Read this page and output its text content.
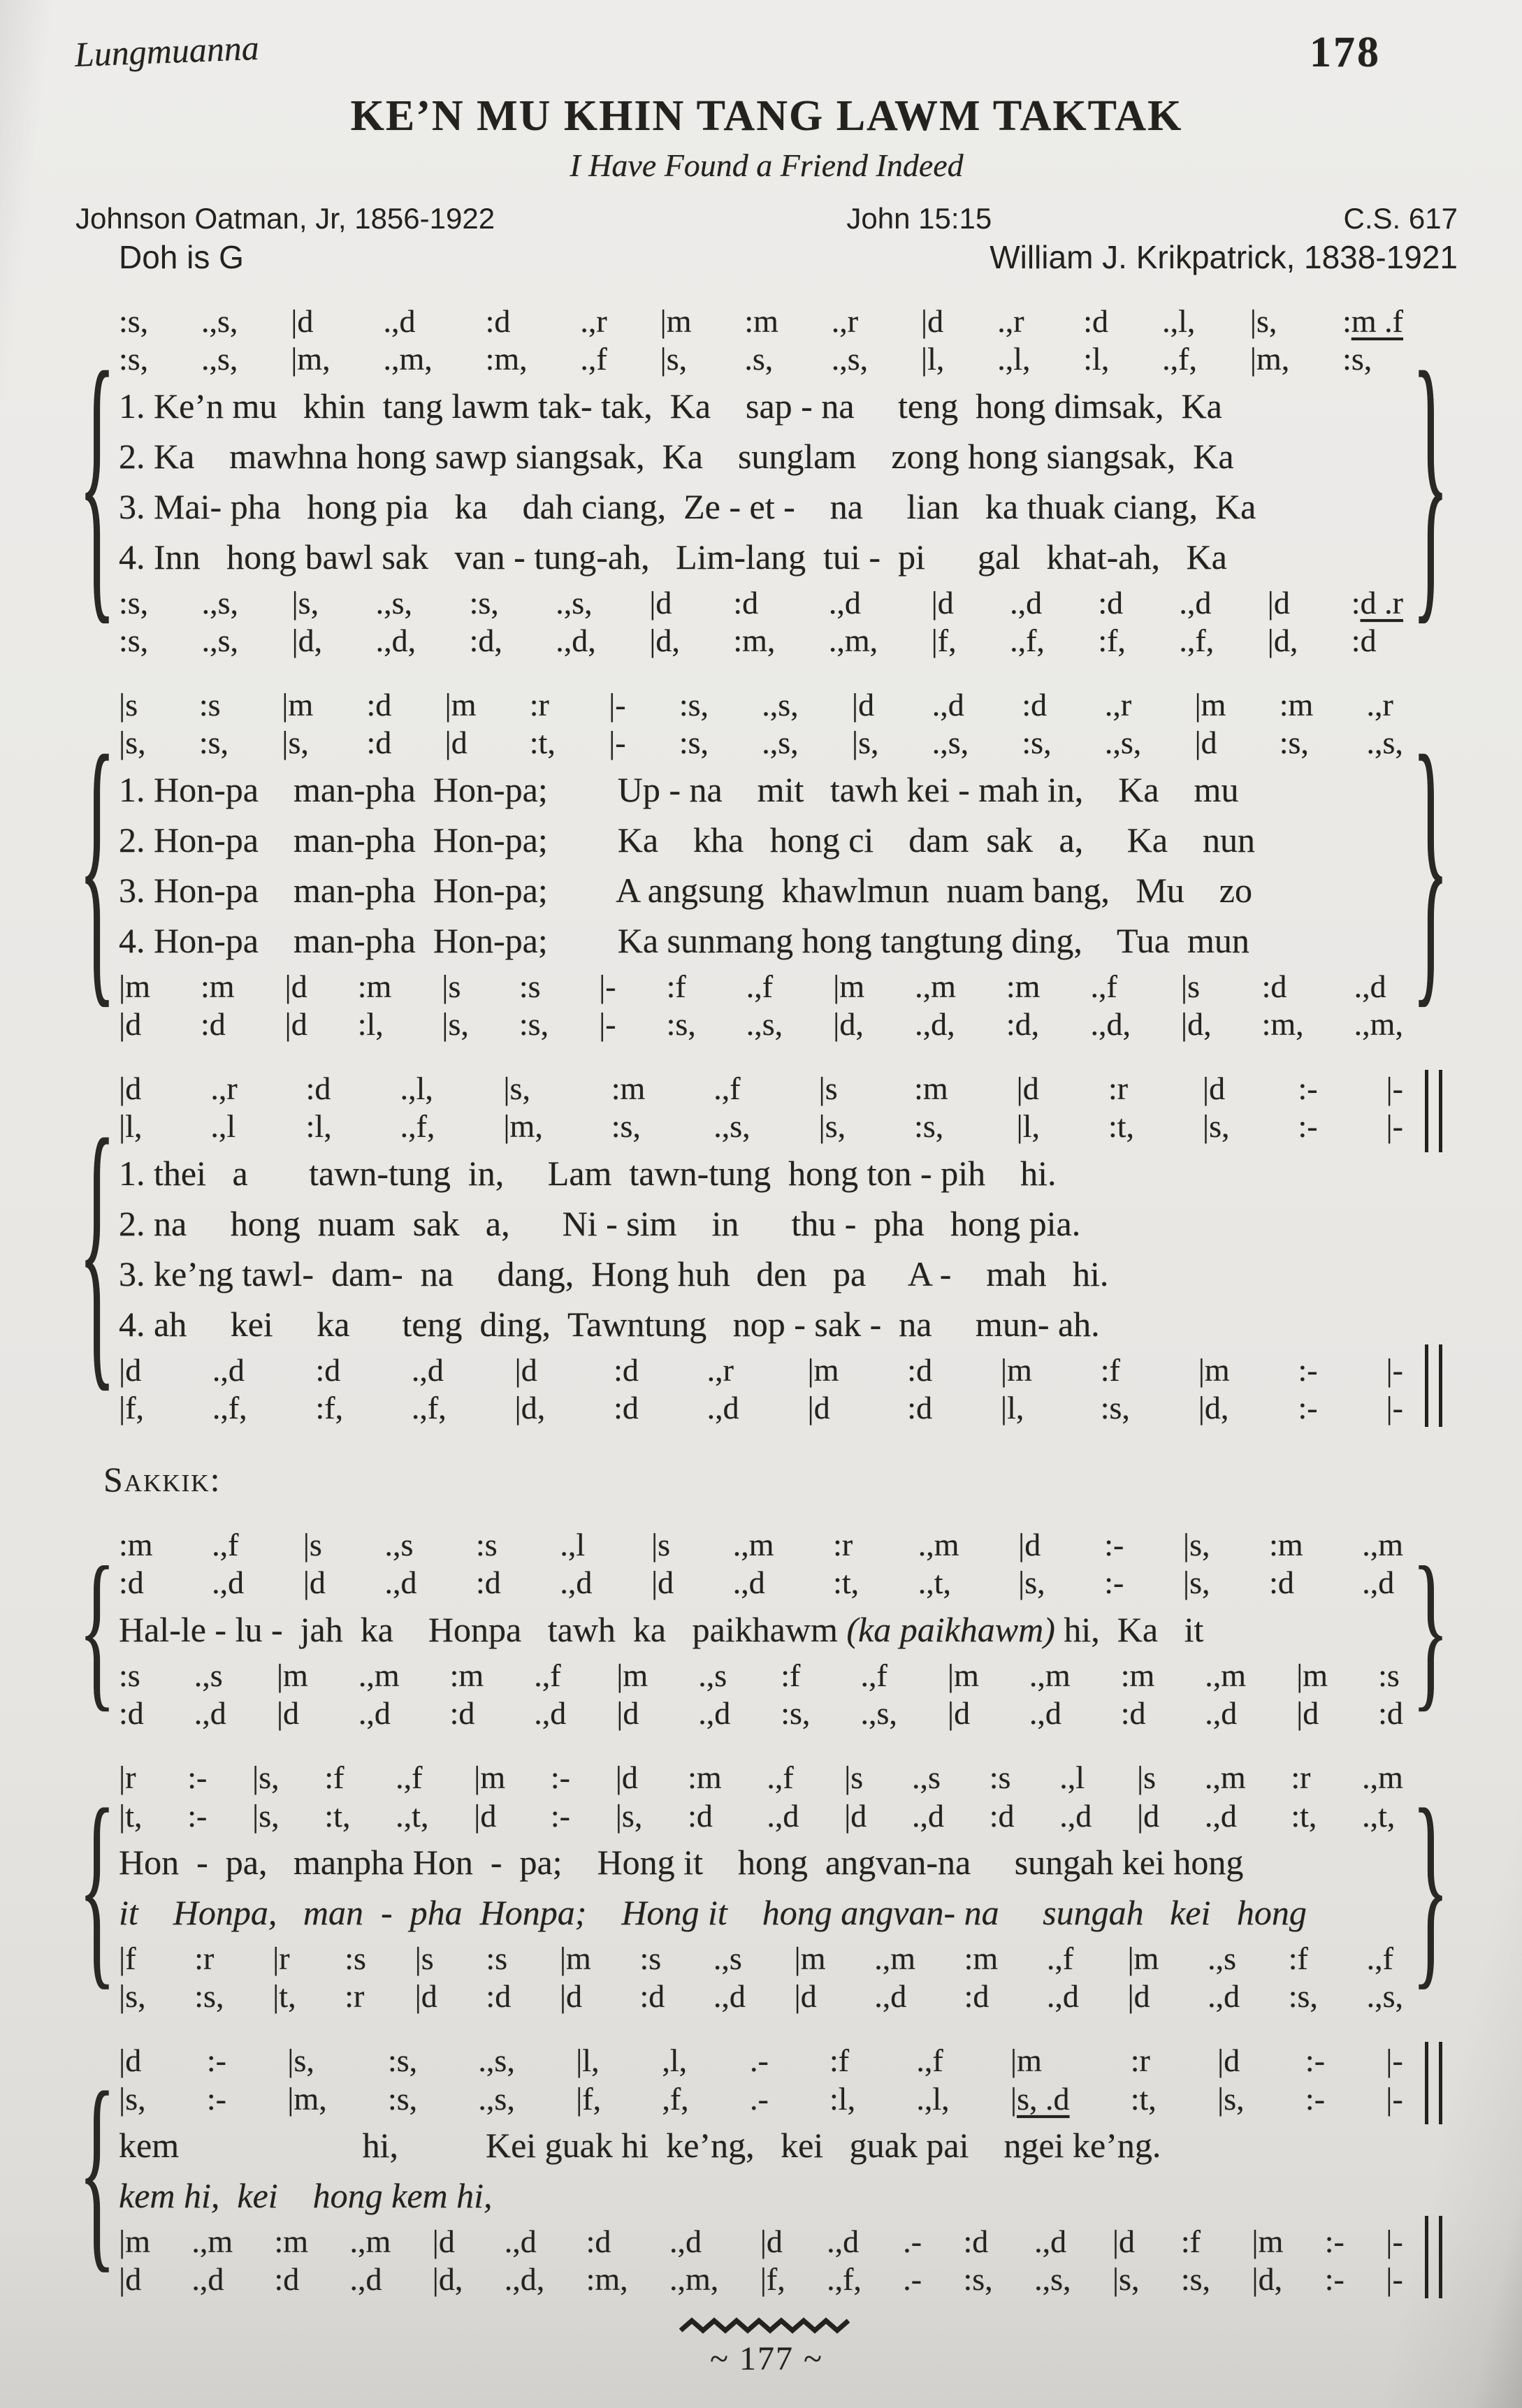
Lungmuanna	178
KE’N MU KHIN TANG LAWM TAKTAK
I Have Found a Friend Indeed
Johnson Oatman, Jr, 1856-1922	John 15:15	C.S. 617
Doh is G	William J. Krikpatrick, 1838-1921
{ :s, .,s, |d	.,d	:d	.,r |m :m .,r	|d .,r :d .,l, |s,	:m .f
:s, .,s, |m, .,m, :m, .,f |s, .s, .,s, |l, .,l, :l, .,f, |m, :s,
1. Ke’n mu   khin  tang lawm tak- tak,  Ka    sap - na     teng  hong dimsak,  Ka
2. Ka    mawhna hong sawp siangsak,  Ka    sunglam    zong hong siangsak,  Ka
3. Mai- pha   hong pia   ka    dah ciang,  Ze - et -    na     lian   ka thuak ciang,  Ka
4. Inn   hong bawl sak   van - tung-ah,   Lim-lang  tui -  pi      gal   khat-ah,   Ka
:s, .,s, |s, .,s, :s, .,s, |d :d	.,d	|d .,d :d .,d |d :d .r
:s, .,s, |d, .,d, :d, .,d, |d, :m, .,m, |f, .,f, :f, .,f, |d, :d }
{ |s :s |m :d |m :r |- :s, .,s, |d .,d :d .,r	|m :m .,r
|s, :s, |s, :d |d :t, |- :s, .,s, |s, .,s, :s, .,s, |d :s, .,s,
1. Hon-pa    man-pha  Hon-pa;        Up - na    mit   tawh kei - mah in,    Ka    mu
2. Hon-pa    man-pha  Hon-pa;        Ka    kha   hong ci    dam  sak   a,     Ka    nun
3. Hon-pa    man-pha  Hon-pa;        A angsung  khawlmun  nuam bang,   Mu    zo
4. Hon-pa    man-pha  Hon-pa;        Ka sunmang hong tangtung ding,    Tua  mun
|m :m |d :m |s :s |- :f	.,f	|m .,m :m .,f	|s	:d	.,d
|d :d |d :l, |s, :s, |- :s, .,s, |d, .,d, :d, .,d, |d, :m, .,m, }
{ |d .,r :d .,l, |s,	:m .,f	|s :m |d :r |d :- |-
|l, .,l :l, .,f, |m, :s, .,s, |s, :s, |l, :t, |s, :- |-
1. thei   a       tawn-tung  in,     Lam  tawn-tung  hong ton - pih    hi.
2. na     hong  nuam  sak   a,      Ni - sim    in      thu -  pha   hong pia.
3. ke’ng tawl-  dam-  na     dang,  Hong huh   den   pa     A -    mah   hi.
4. ah     kei     ka      teng  ding,  Tawntung   nop - sak -  na     mun- ah.
|d .,d :d .,d |d :d .,r |m :d |m :f	|m :- |-
|f, .,f, :f, .,f, |d, :d .,d |d :d |l, :s, |d, :- |-
Sakkik:
{ :m .,f |s .,s :s .,l |s .,m :r .,m |d :- |s, :m .,m
:d .,d |d .,d :d .,d |d .,d :t, .,t, |s, :- |s, :d .,d
Hal-le - lu -  jah  ka    Honpa   tawh  ka   paikhawm (ka paikhawm) hi,  Ka   it
:s .,s |m .,m :m .,f |m .,s :f	.,f	|m .,m :m .,m |m :s
:d .,d |d .,d :d .,d |d .,d :s, .,s, |d .,d :d .,d |d :d }
{ |r :- |s, :f .,f |m :- |d :m .,f |s .,s :s .,l |s .,m :r .,m
|t, :- |s, :t, .,t, |d :- |s, :d .,d |d .,d :d .,d |d .,d :t, .,t,
Hon  -  pa,   manpha Hon  -  pa;    Hong it    hong  angvan-na     sungah kei hong
it    Honpa,   man  -  pha  Honpa;    Hong it    hong angvan- na     sungah   kei   hong
|f	:r	|r :s |s :s |m :s .,s |m .,m :m .,f |m .,s :f	.,f
|s, :s, |t, :r |d :d |d :d .,d |d .,d :d .,d |d .,d :s, .,s, }
{ |d :- |s,	:s, .,s, |l, ,l, .- :f .,f |m	:r |d :- |-
|s, :- |m, :s, .,s, |f, ,f, .- :l, .,l, |s, .d :t, |s, :- |-
kem                     hi,          Kei guak hi  ke’ng,   kei   guak pai    ngei ke’ng.
kem hi,  kei    hong kem hi,
|m .,m :m .,m |d .,d :d	.,d	|d .,d .- :d .,d |d :f	|m :- |-
|d .,d :d .,d |d, .,d, :m, .,m, |f, .,f, .- :s, .,s, |s, :s, |d, :- |-
~ 177 ~
